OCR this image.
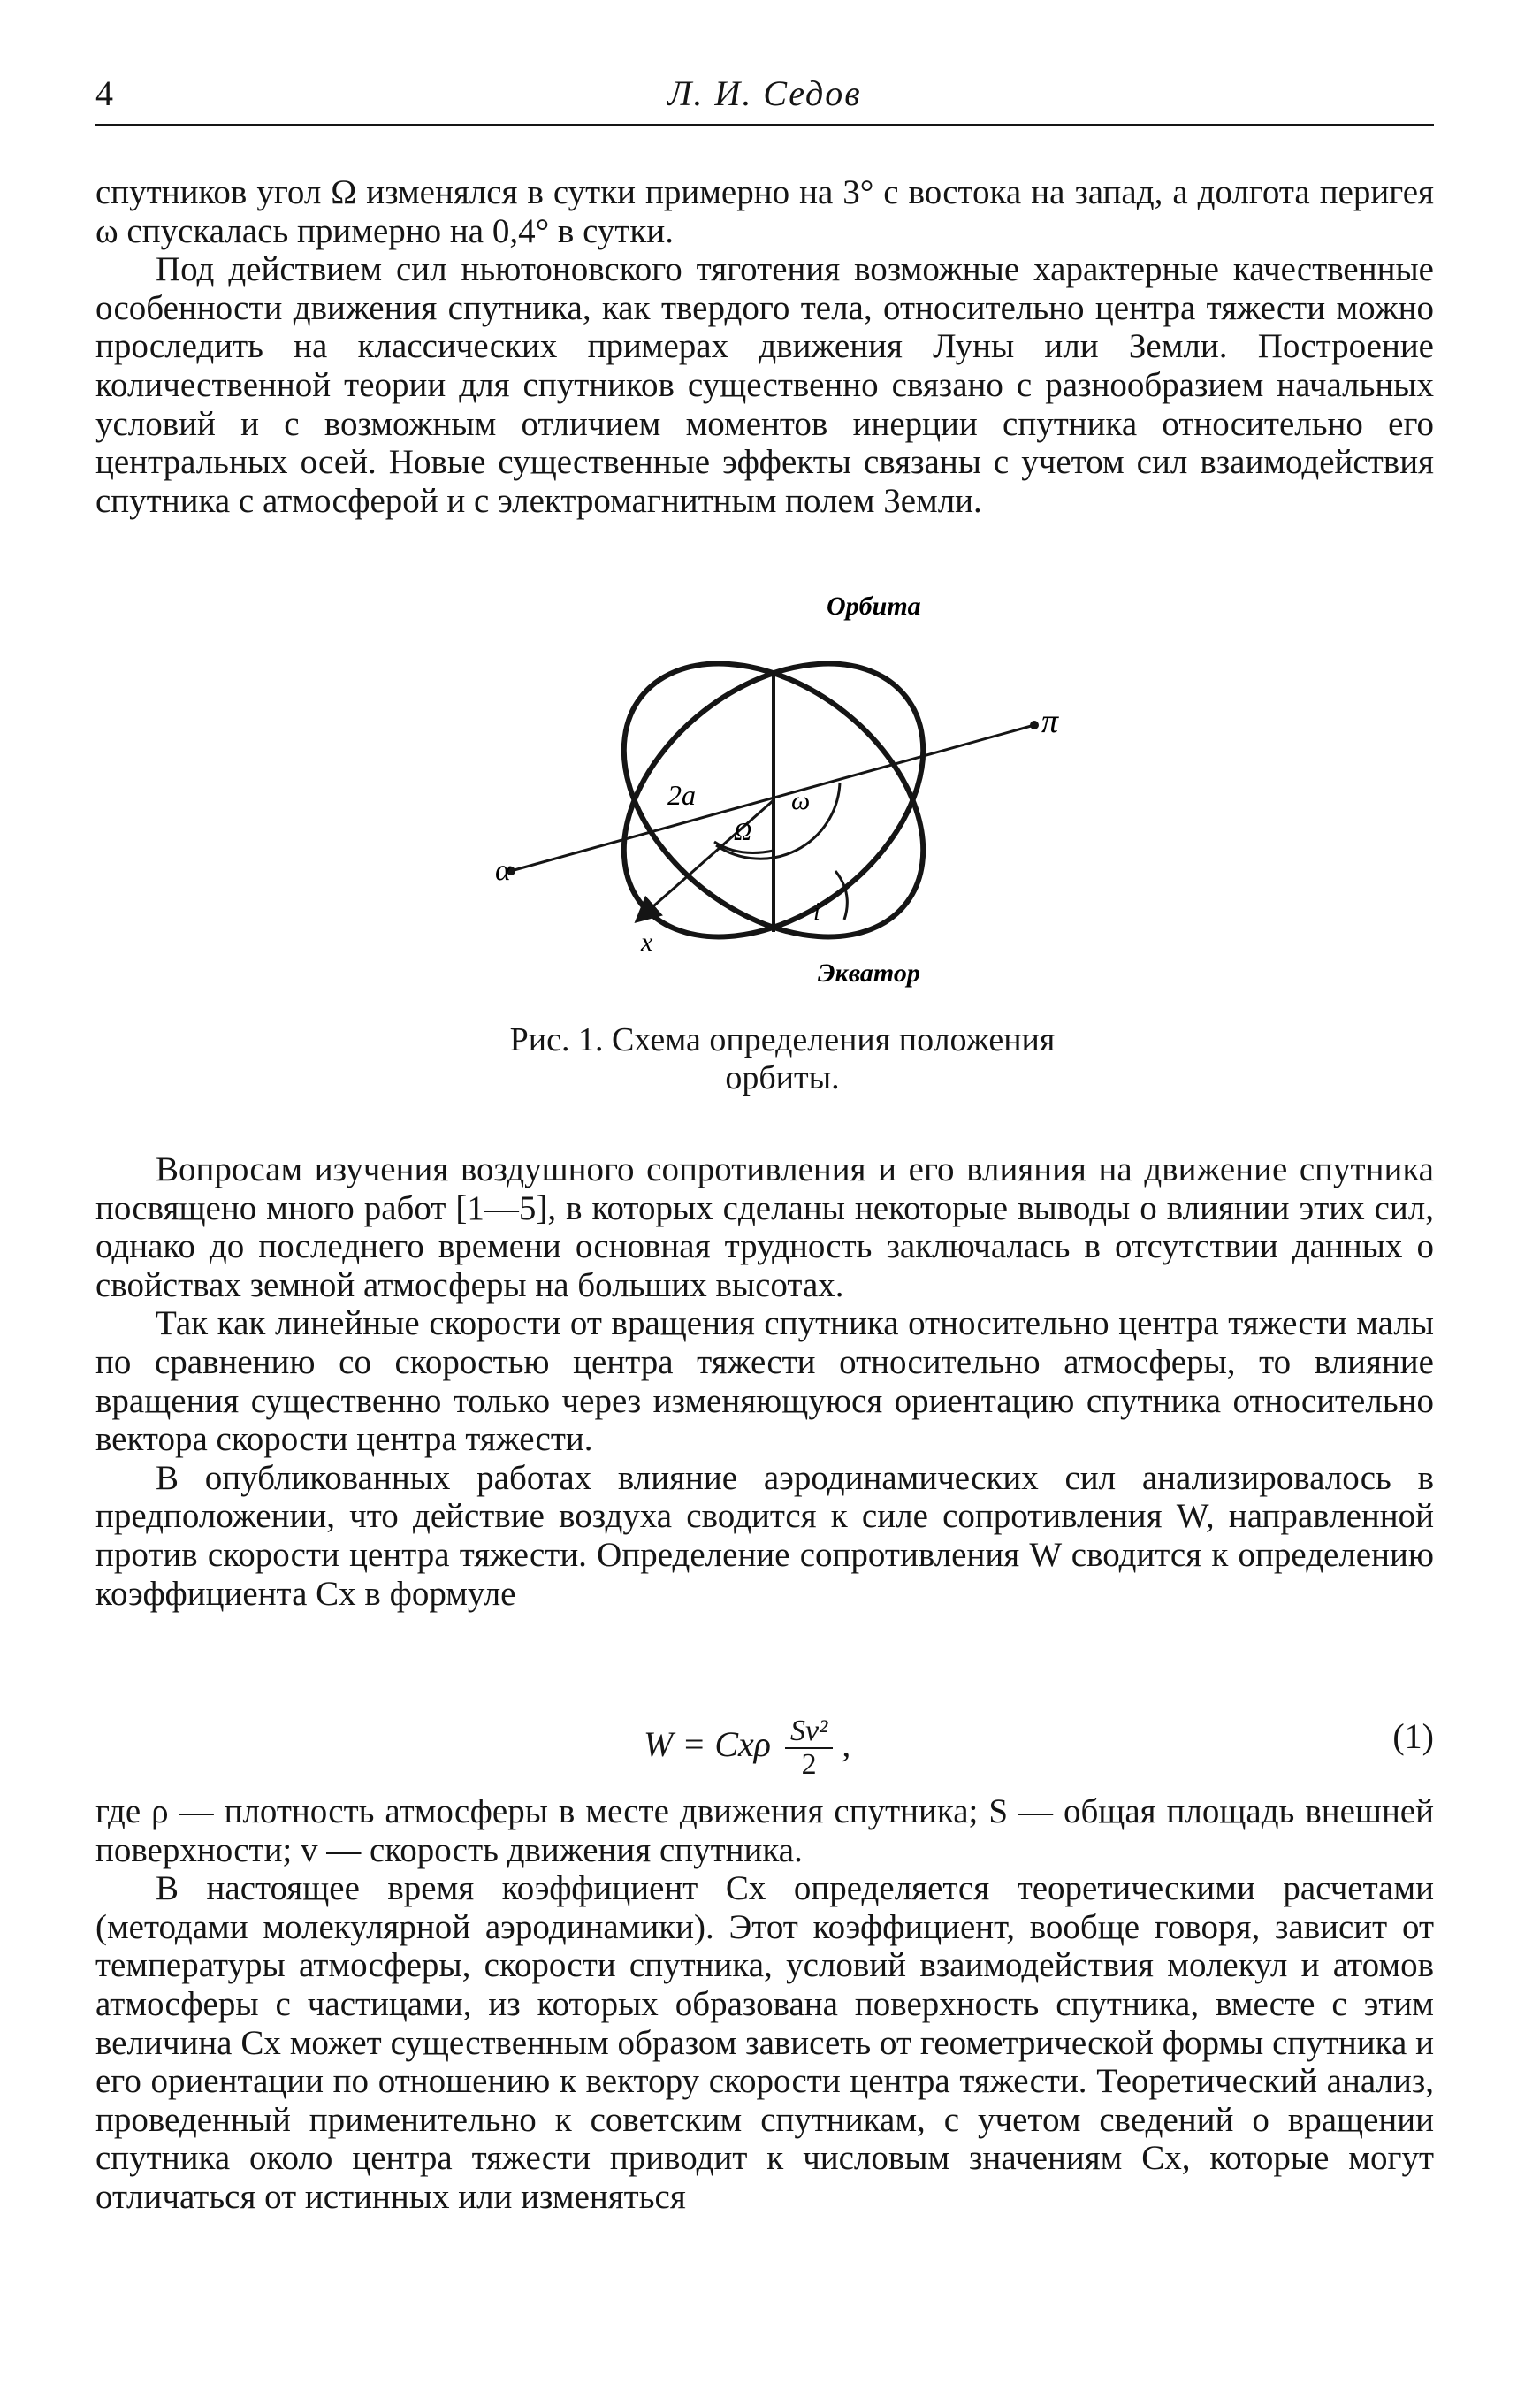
4	Л. И. Седов

спутников угол Ω изменялся в сутки примерно на 3° с востока на запад, а долгота перигея ω спускалась примерно на 0,4° в сутки.

Под действием сил ньютоновского тяготения возможные характерные качественные особенности движения спутника, как твердого тела, относительно центра тяжести можно проследить на классических примерах движения Луны или Земли. Построение количественной теории для спутников существенно связано с разнообразием начальных условий и с возможным отличием моментов инерции спутника относительно его центральных осей. Новые существенные эффекты связаны с учетом сил взаимодействия спутника с атмосферой и с электромагнитным полем Земли.

Орбита
Экватор
π
α
2a	ω
Ω
i
x
Рис. 1. Схема определения положения
орбиты.

Вопросам изучения воздушного сопротивления и его влияния на движение спутника посвящено много работ [1—5], в которых сделаны некоторые выводы о влиянии этих сил, однако до последнего времени основная трудность заключалась в отсутствии данных о свойствах земной атмосферы на больших высотах.

Так как линейные скорости от вращения спутника относительно центра тяжести малы по сравнению со скоростью центра тяжести относительно атмосферы, то влияние вращения существенно только через изменяющуюся ориентацию спутника относительно вектора скорости центра тяжести.

В опубликованных работах влияние аэродинамических сил анализировалось в предположении, что действие воздуха сводится к силе сопротивления W, направленной против скорости центра тяжести. Определение сопротивления W сводится к определению коэффициента Cx в формуле

W = Cxρ $\frac{\text{Sv²}}{2}$ ,	(1)

где ρ — плотность атмосферы в месте движения спутника; S — общая площадь внешней поверхности; v — скорость движения спутника.

В настоящее время коэффициент Cx определяется теоретическими расчетами (методами молекулярной аэродинамики). Этот коэффициент, вообще говоря, зависит от температуры атмосферы, скорости спутника, условий взаимодействия молекул и атомов атмосферы с частицами, из которых образована поверхность спутника, вместе с этим величина Cx может существенным образом зависеть от геометрической формы спутника и его ориентации по отношению к вектору скорости центра тяжести. Теоретический анализ, проведенный применительно к советским спутникам, с учетом сведений о вращении спутника около центра тяжести приводит к числовым значениям Cx, которые могут отличаться от истинных или изменяться
